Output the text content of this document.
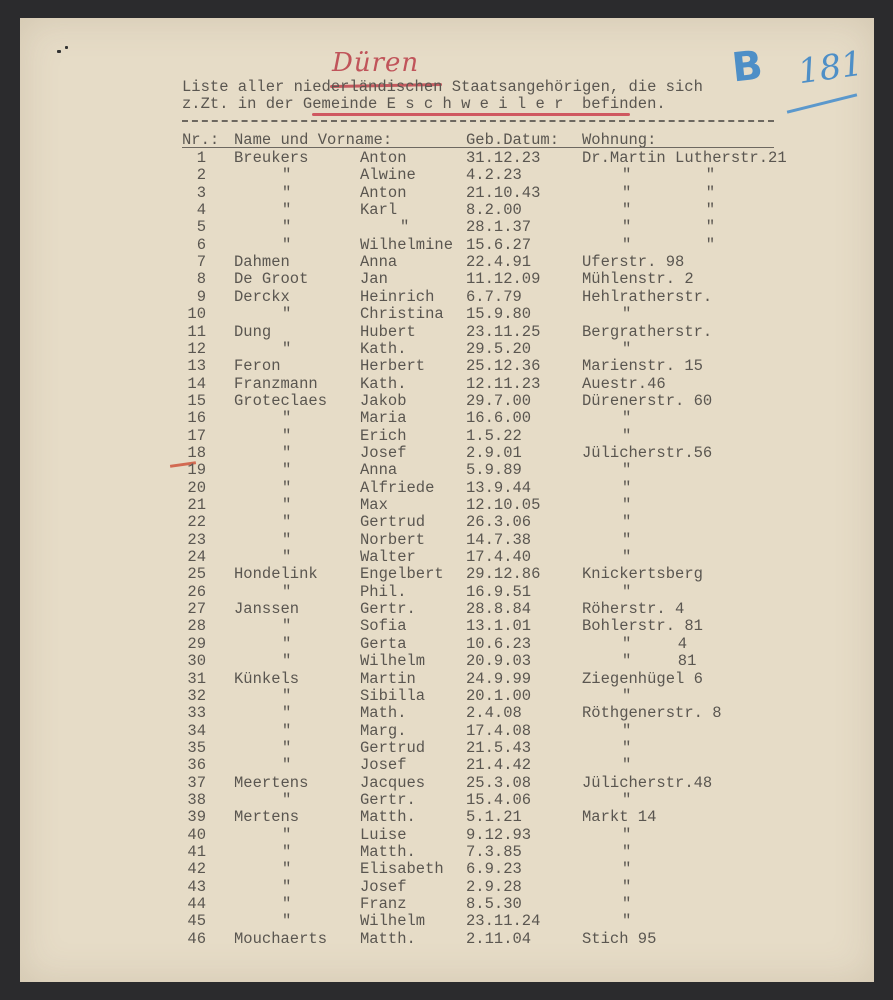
Düren	B 181
Liste aller niederländischen Staatsangehörigen, die sich
z.Zt. in der Gemeinde E s c h w e i l e r befinden.
Nr.: Name und Vorname:	Geb.Datum: Wohnung:
1 Breukers	Anton	31.12.23	Dr.Martin Lutherstr.21
2	"	Alwine	4.2.23	"        "
3	"	Anton	21.10.43	"        "
4	"	Karl	8.2.00	"        "
5	"	"	28.1.37	"        "
6	"	Wilhelmine 15.6.27	"        "
7 Dahmen	Anna	22.4.91	Uferstr. 98
8 De Groot	Jan	11.12.09	Mühlenstr. 2
9 Derckx	Heinrich 6.7.79	Hehlratherstr.
10	"	Christina 15.9.80	"
11 Dung	Hubert	23.11.25	Bergratherstr.
12	"	Kath.	29.5.20	"
13 Feron	Herbert	25.12.36	Marienstr. 15
14 Franzmann	Kath.	12.11.23	Auestr.46
15 Groteclaes Jakob	29.7.00	Dürenerstr. 60
16	"	Maria	16.6.00	"
17	"	Erich	1.5.22	"
18	"	Josef	2.9.01	Jülicherstr.56
19	"	Anna	5.9.89	"
20	"	Alfriede 13.9.44	"
21	"	Max	12.10.05	"
22	"	Gertrud	26.3.06	"
23	"	Norbert	14.7.38	"
24	"	Walter	17.4.40	"
25 Hondelink	Engelbert 29.12.86	Knickertsberg
26	"	Phil.	16.9.51	"
27 Janssen	Gertr.	28.8.84	Röherstr. 4
28	"	Sofia	13.1.01	Bohlerstr. 81
29	"	Gerta	10.6.23	"     4
30	"	Wilhelm	20.9.03	"     81
31 Künkels	Martin	24.9.99	Ziegenhügel 6
32	"	Sibilla	20.1.00	"
33	"	Math.	2.4.08	Röthgenerstr. 8
34	"	Marg.	17.4.08	"
35	"	Gertrud	21.5.43	"
36	"	Josef	21.4.42	"
37 Meertens	Jacques	25.3.08	Jülicherstr.48
38	"	Gertr.	15.4.06	"
39 Mertens	Matth.	5.1.21	Markt 14
40	"	Luise	9.12.93	"
41	"	Matth.	7.3.85	"
42	"	Elisabeth 6.9.23	"
43	"	Josef	2.9.28	"
44	"	Franz	8.5.30	"
45	"	Wilhelm	23.11.24	"
46 Mouchaerts Matth.	2.11.04	Stich 95
